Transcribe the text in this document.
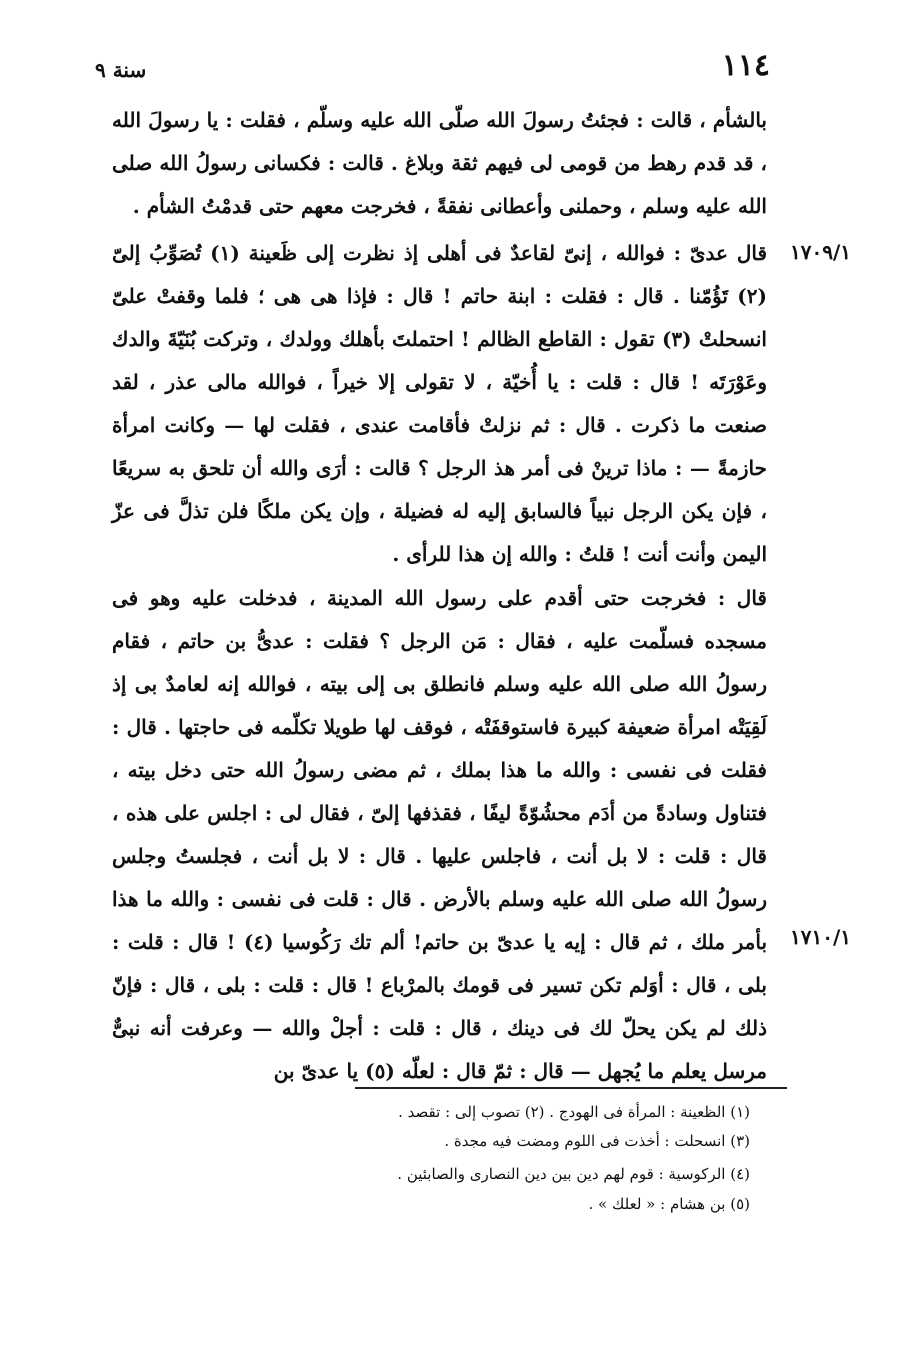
١١٤
سنة ٩

بالشأم ، قالت : فجئتُ رسولَ الله صلّى الله عليه وسلّم ، فقلت : يا رسولَ الله ، قد قدم رهط من قومى لى فيهم ثقة وبلاغ . قالت : فكسانى رسولُ الله صلى الله عليه وسلم ، وحملنى وأعطانى نفقةً ، فخرجت معهم حتى قدمْتُ الشأم .

١٧٠٩/١

قال عدىّ : فوالله ، إنىّ لقاعدٌ فى أهلى إذ نظرت إلى ظَعينة (١) تُصَوِّبُ إلىّ (٢) تَؤُمّنا . قال : فقلت : ابنة حاتم ! قال : فإذا هى هى ؛ فلما وقفتْ علىّ انسحلتْ (٣) تقول : القاطع الظالم ! احتملتَ بأهلك وولدك ، وتركت بُنَيّةَ والدك وعَوْرَتَه ! قال : قلت : يا أُخيّة ، لا تقولى إلا خيراً ، فوالله مالى عذر ، لقد صنعت ما ذكرت . قال : ثم نزلتْ فأقامت عندى ، فقلت لها — وكانت امرأة حازمةً — : ماذا ترينْ فى أمر هذ الرجل ؟ قالت : أرَى والله أن تلحق به سريعًا ، فإن يكن الرجل نبياً فالسابق إليه له فضيلة ، وإن يكن ملكًا فلن تذلَّ فى عزّ اليمن وأنت أنت ! قلتُ : والله إن هذا للرأى .

قال : فخرجت حتى أقدم على رسول الله المدينة ، فدخلت عليه وهو فى مسجده فسلّمت عليه ، فقال : مَن الرجل ؟ فقلت : عدىُّ بن حاتم ، فقام رسولُ الله صلى الله عليه وسلم فانطلق بى إلى بيته ، فوالله إنه لعامدٌ بى إذ لَقِيَتْه امرأة ضعيفة كبيرة فاستوقفَتْه ، فوقف لها طويلا تكلّمه فى حاجتها . قال : فقلت فى نفسى : والله ما هذا بملك ، ثم مضى رسولُ الله حتى دخل بيته ، فتناول وسادةً من أدَم محشُوّةً ليفًا ، فقذفها إلىّ ، فقال لى : اجلس على هذه ، قال : قلت : لا بل أنت ، فاجلس عليها . قال : لا بل أنت ، فجلستُ وجلس رسولُ الله صلى الله عليه وسلم بالأرض . قال : قلت فى نفسى : والله ما هذا بأمر ملك ، ثم قال : إيه يا عدىّ بن حاتم! ألم تك رَكُوسيا (٤) ! قال : قلت : بلى ، قال : أوَلم تكن تسير فى قومك بالمرْباع ! قال : قلت : بلى ، قال : فإنّ ذلك لم يكن يحلّ لك فى دينك ، قال : قلت : أجلْ والله — وعرفت أنه نبىٌّ مرسل يعلم ما يُجهل — قال : ثمّ قال : لعلّه (٥) يا عدىّ بن

١٧١٠/١
(١) الظعينة : المرأة فى الهودج . (٢) تصوب إلى : تقصد .
(٣) انسحلت : أخذت فى اللوم ومضت فيه مجدة .
(٤) الركوسية : قوم لهم دين بين دين النصارى والصابئين .
(٥) بن هشام : « لعلك » .
